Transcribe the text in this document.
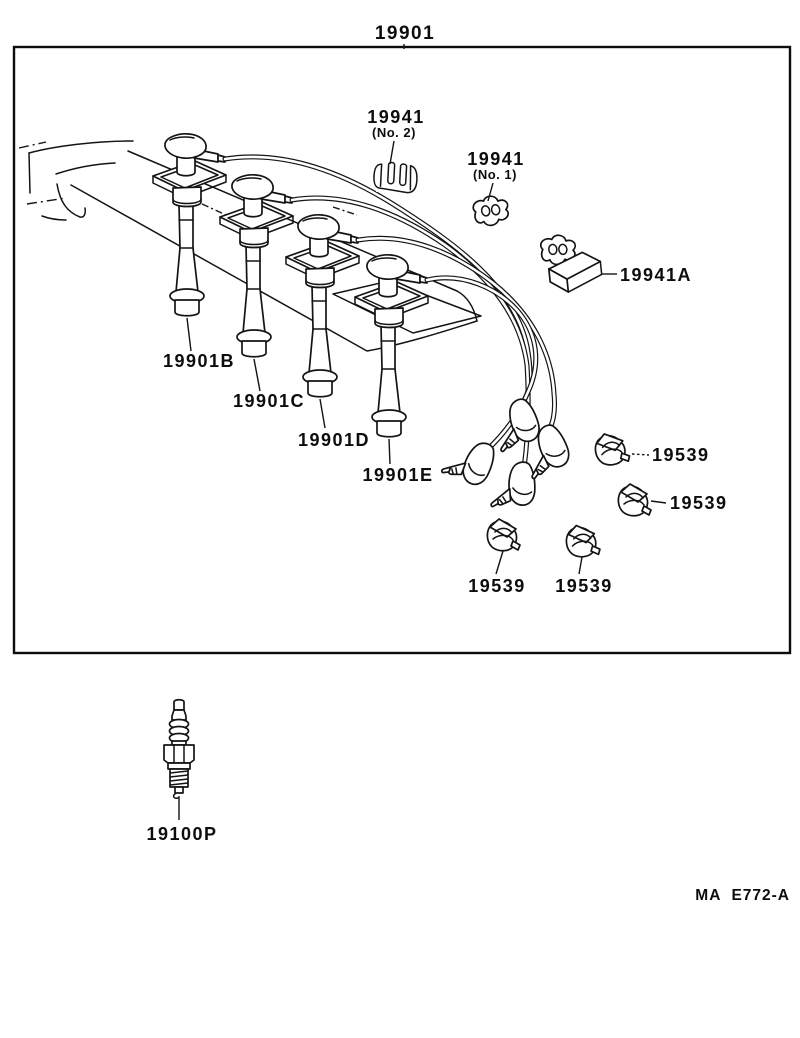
19901
19941
(No. 2)
19941
(No. 1)
19941A
19901B
19901C
19901D
19901E
19539
19539
19539 19539
19100P
MA  E772-A
